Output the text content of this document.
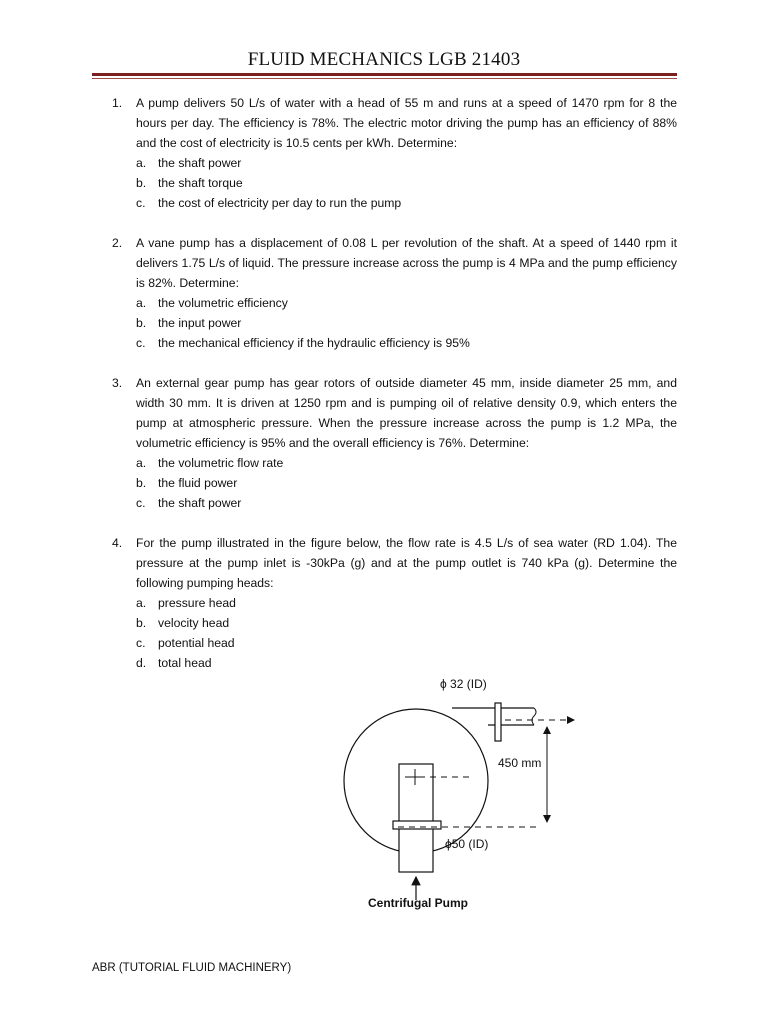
FLUID MECHANICS LGB 21403
1. A pump delivers 50 L/s of water with a head of 55 m and runs at a speed of 1470 rpm for 8 the hours per day. The efficiency is 78%. The electric motor driving the pump has an efficiency of 88% and the cost of electricity is 10.5 cents per kWh. Determine:
a. the shaft power
b. the shaft torque
c. the cost of electricity per day to run the pump
2. A vane pump has a displacement of 0.08 L per revolution of the shaft. At a speed of 1440 rpm it delivers 1.75 L/s of liquid. The pressure increase across the pump is 4 MPa and the pump efficiency is 82%. Determine:
a. the volumetric efficiency
b. the input power
c. the mechanical efficiency if the hydraulic efficiency is 95%
3. An external gear pump has gear rotors of outside diameter 45 mm, inside diameter 25 mm, and width 30 mm. It is driven at 1250 rpm and is pumping oil of relative density 0.9, which enters the pump at atmospheric pressure. When the pressure increase across the pump is 1.2 MPa, the volumetric efficiency is 95% and the overall efficiency is 76%. Determine:
a. the volumetric flow rate
b. the fluid power
c. the shaft power
4. For the pump illustrated in the figure below, the flow rate is 4.5 L/s of sea water (RD 1.04). The pressure at the pump inlet is -30kPa (g) and at the pump outlet is 740 kPa (g). Determine the following pumping heads:
a. pressure head
b. velocity head
c. potential head
d. total head
ϕ 32 (ID)
450 mm
ϕ50 (ID)
Centrifugal Pump
ABR (TUTORIAL FLUID MACHINERY)
